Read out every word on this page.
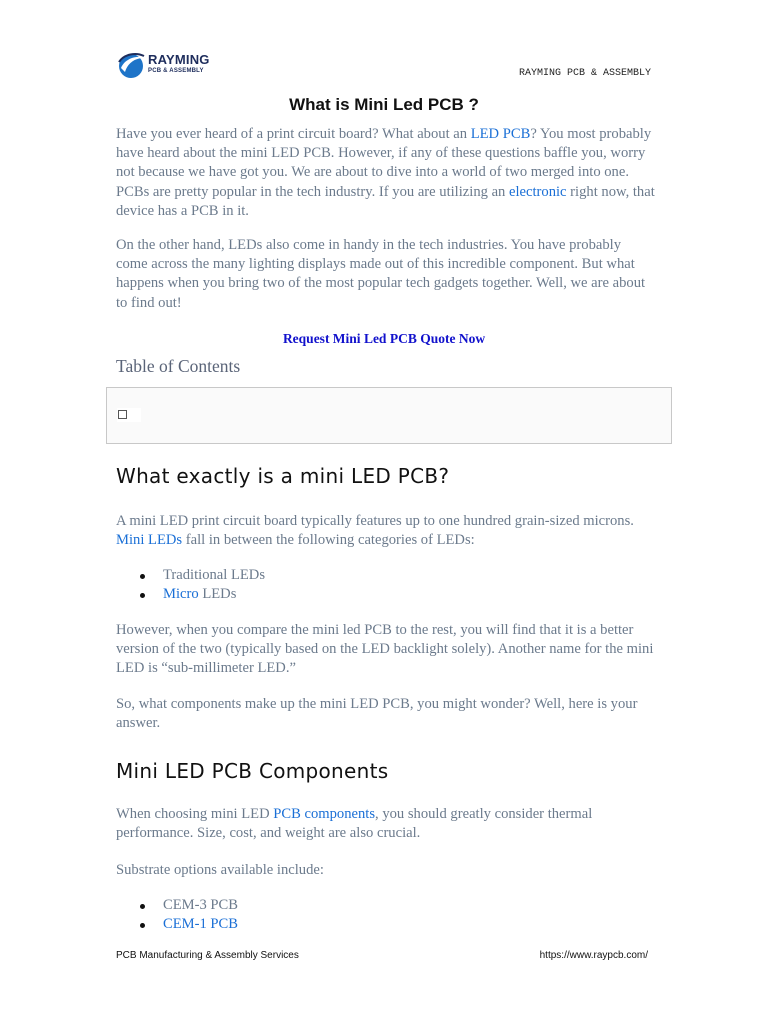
RAYMING
PCB & ASSEMBLY	RAYMING PCB & ASSEMBLY
What is Mini Led PCB ?

Have you ever heard of a print circuit board? What about an LED PCB? You most probably have heard about the mini LED PCB. However, if any of these questions baffle you, worry not because we have got you. We are about to dive into a world of two merged into one. PCBs are pretty popular in the tech industry. If you are utilizing an electronic right now, that device has a PCB in it.

On the other hand, LEDs also come in handy in the tech industries. You have probably come across the many lighting displays made out of this incredible component. But what happens when you bring two of the most popular tech gadgets together. Well, we are about to find out!

Request Mini Led PCB Quote Now

Table of Contents

What exactly is a mini LED PCB?

A mini LED print circuit board typically features up to one hundred grain-sized microns. Mini LEDs fall in between the following categories of LEDs:

Traditional LEDs
Micro LEDs

However, when you compare the mini led PCB to the rest, you will find that it is a better version of the two (typically based on the LED backlight solely). Another name for the mini LED is “sub-millimeter LED.”

So, what components make up the mini LED PCB, you might wonder? Well, here is your answer.

Mini LED PCB Components

When choosing mini LED PCB components, you should greatly consider thermal performance. Size, cost, and weight are also crucial.

Substrate options available include:

CEM-3 PCB
CEM-1 PCB
PCB Manufacturing & Assembly Services	https://www.raypcb.com/
